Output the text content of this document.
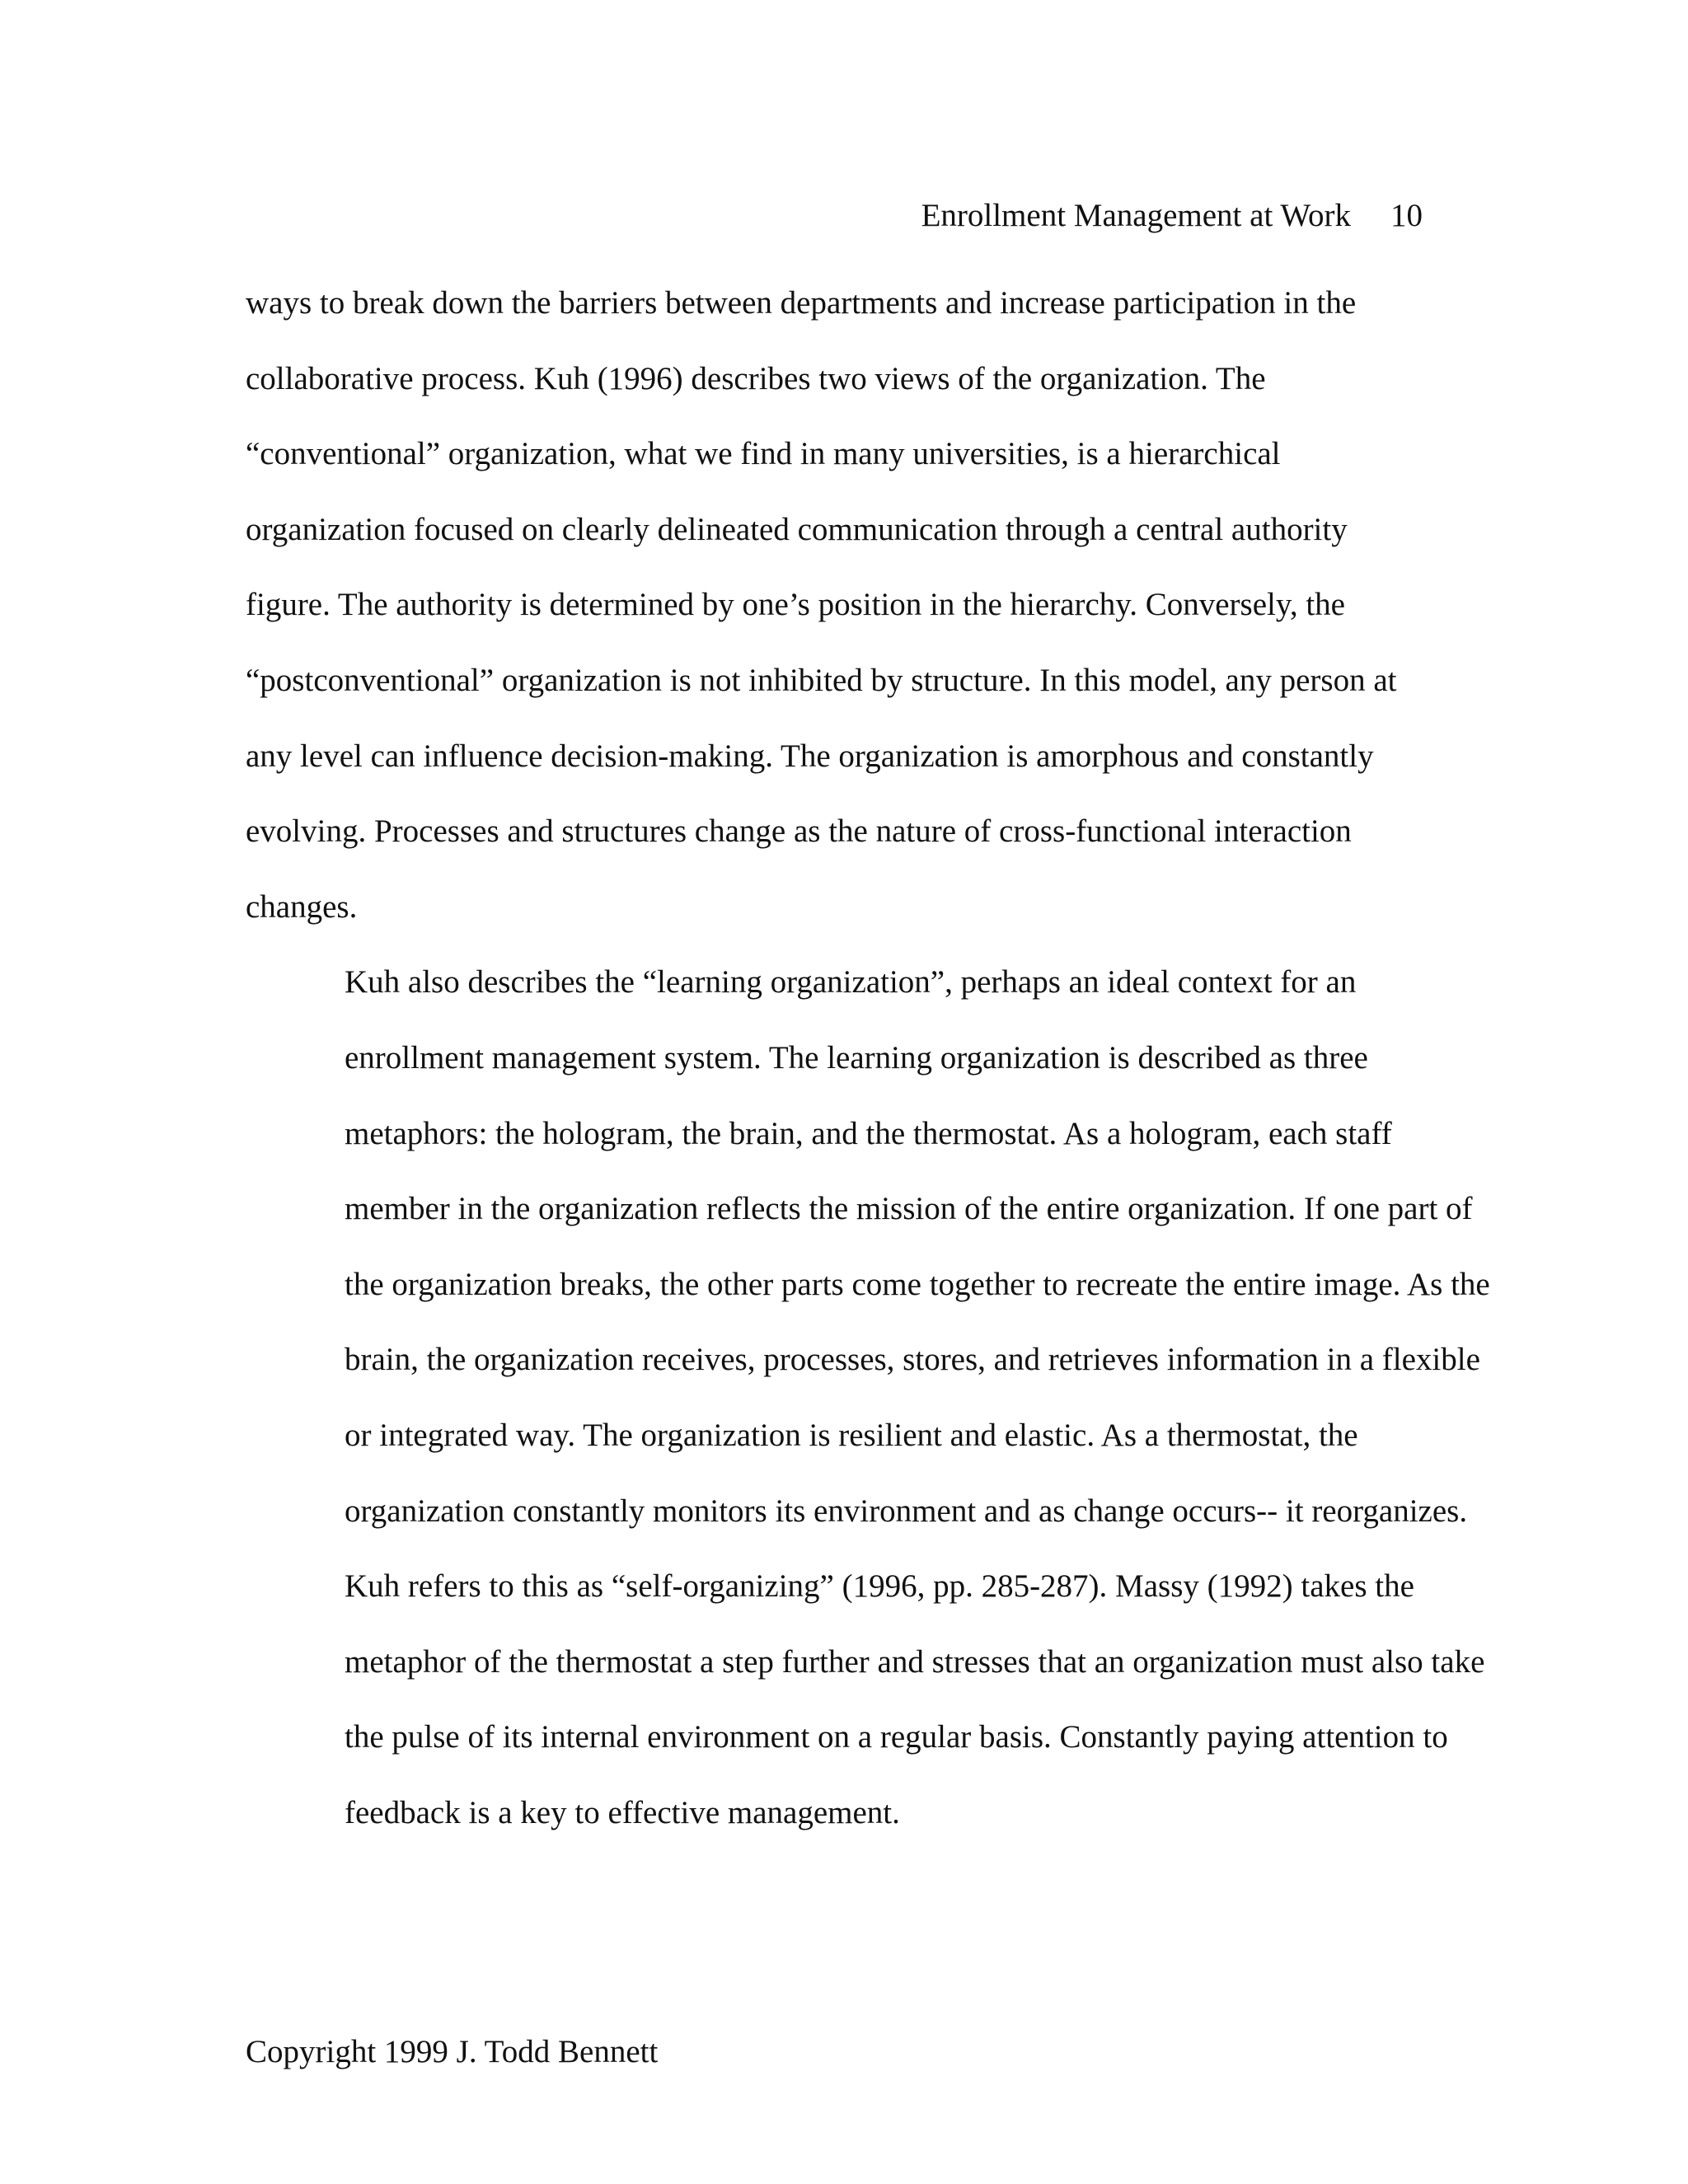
Enrollment Management at Work 10

ways to break down the barriers between departments and increase participation in the
collaborative process. Kuh (1996) describes two views of the organization. The
“conventional” organization, what we find in many universities, is a hierarchical
organization focused on clearly delineated communication through a central authority
figure. The authority is determined by one’s position in the hierarchy. Conversely, the
“postconventional” organization is not inhibited by structure. In this model, any person at
any level can influence decision-making. The organization is amorphous and constantly
evolving. Processes and structures change as the nature of cross-functional interaction
changes.

Kuh also describes the “learning organization”, perhaps an ideal context for an
enrollment management system. The learning organization is described as three
metaphors: the hologram, the brain, and the thermostat. As a hologram, each staff
member in the organization reflects the mission of the entire organization. If one part of
the organization breaks, the other parts come together to recreate the entire image. As the
brain, the organization receives, processes, stores, and retrieves information in a flexible
or integrated way. The organization is resilient and elastic. As a thermostat, the
organization constantly monitors its environment and as change occurs-- it reorganizes.
Kuh refers to this as “self-organizing” (1996, pp. 285-287). Massy (1992) takes the
metaphor of the thermostat a step further and stresses that an organization must also take
the pulse of its internal environment on a regular basis. Constantly paying attention to
feedback is a key to effective management.

Copyright 1999 J. Todd Bennett
